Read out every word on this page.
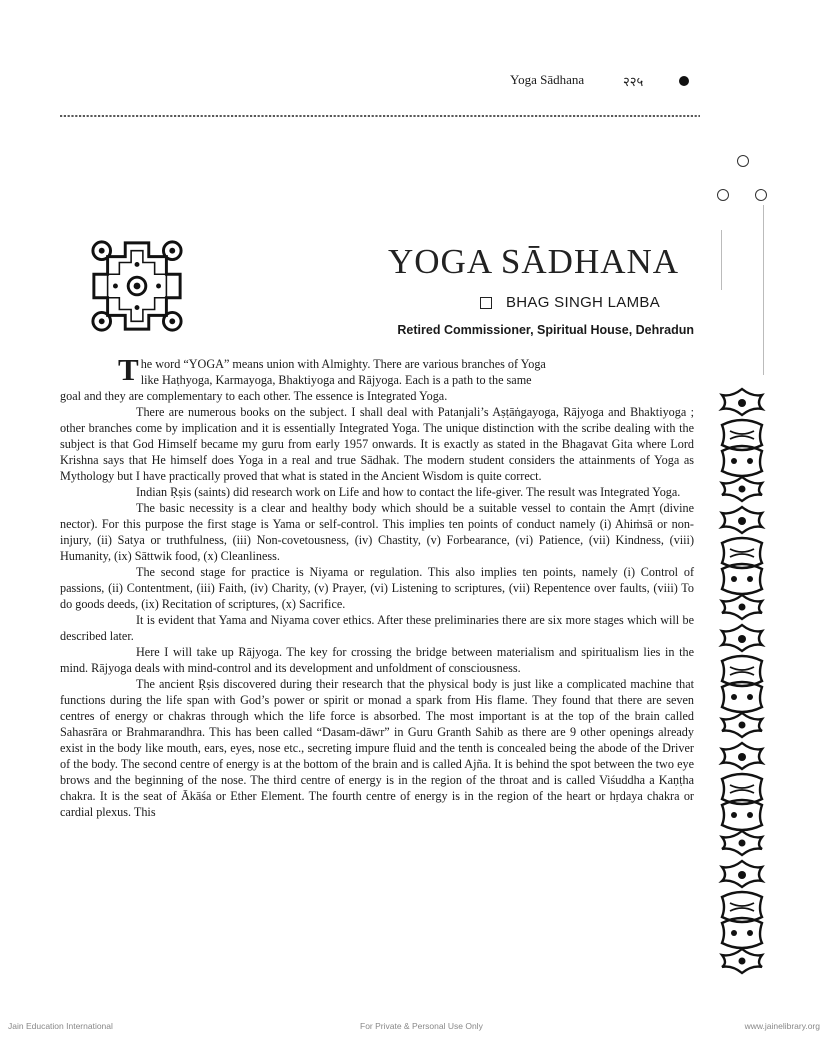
Yoga Sādhana	२२५
YOGA SĀDHANA
BHAG SINGH LAMBA
Retired Commissioner, Spiritual House, Dehradun

The word “YOGA” means union with Almighty. There are various branches of Yoga

like Haṭhyoga, Karmayoga, Bhaktiyoga and Rājyoga. Each is a path to the same
goal and they are complementary to each other. The essence is Integrated Yoga.

There are numerous books on the subject. I shall deal with Patanjali’s Aṣṭāṅgayoga, Rājyoga and Bhaktiyoga ; other branches come by implication and it is essentially Integrated Yoga. The unique distinction with the scribe dealing with the subject is that God Himself became my guru from early 1957 onwards. It is exactly as stated in the Bhagavat Gita where Lord Krishna says that He himself does Yoga in a real and true Sādhak. The modern student considers the attainments of Yoga as Mythology but I have practically proved that what is stated in the Ancient Wisdom is quite correct.

Indian Ṛṣis (saints) did research work on Life and how to contact the life-giver. The result was Integrated Yoga.

The basic necessity is a clear and healthy body which should be a suitable vessel to contain the Amṛt (divine nector). For this purpose the first stage is Yama or self-control. This implies ten points of conduct namely (i) Ahiṁsā or non-injury, (ii) Satya or truthfulness, (iii) Non-covetousness, (iv) Chastity, (v) Forbearance, (vi) Patience, (vii) Kindness, (viii) Humanity, (ix) Sāttwik food, (x) Cleanliness.

The second stage for practice is Niyama or regulation. This also implies ten points, namely (i) Control of passions, (ii) Contentment, (iii) Faith, (iv) Charity, (v) Prayer, (vi) Listening to scriptures, (vii) Repentence over faults, (viii) To do goods deeds, (ix) Recitation of scriptures, (x) Sacrifice.

It is evident that Yama and Niyama cover ethics. After these preliminaries there are six more stages which will be described later.

Here I will take up Rājyoga. The key for crossing the bridge between materialism and spiritualism lies in the mind. Rājyoga deals with mind-control and its development and unfoldment of consciousness.

The ancient Ṛṣis discovered during their research that the physical body is just like a complicated machine that functions during the life span with God’s power or spirit or monad a spark from His flame. They found that there are seven centres of energy or chakras through which the life force is absorbed. The most important is at the top of the brain called Sahasrāra or Brahmarandhra. This has been called “Dasam-dāwr” in Guru Granth Sahib as there are 9 other openings already exist in the body like mouth, ears, eyes, nose etc., secreting impure fluid and the tenth is concealed being the abode of the Driver of the body. The second centre of energy is at the bottom of the brain and is called Ajña. It is behind the spot between the two eye brows and the beginning of the nose. The third centre of energy is in the region of the throat and is called Viśuddha a Kaṇṭha chakra. It is the seat of Ākāśa or Ether Element. The fourth centre of energy is in the region of the heart or hṛdaya chakra or cardial plexus. This

Jain Education International	For Private & Personal Use Only	www.jainelibrary.org
